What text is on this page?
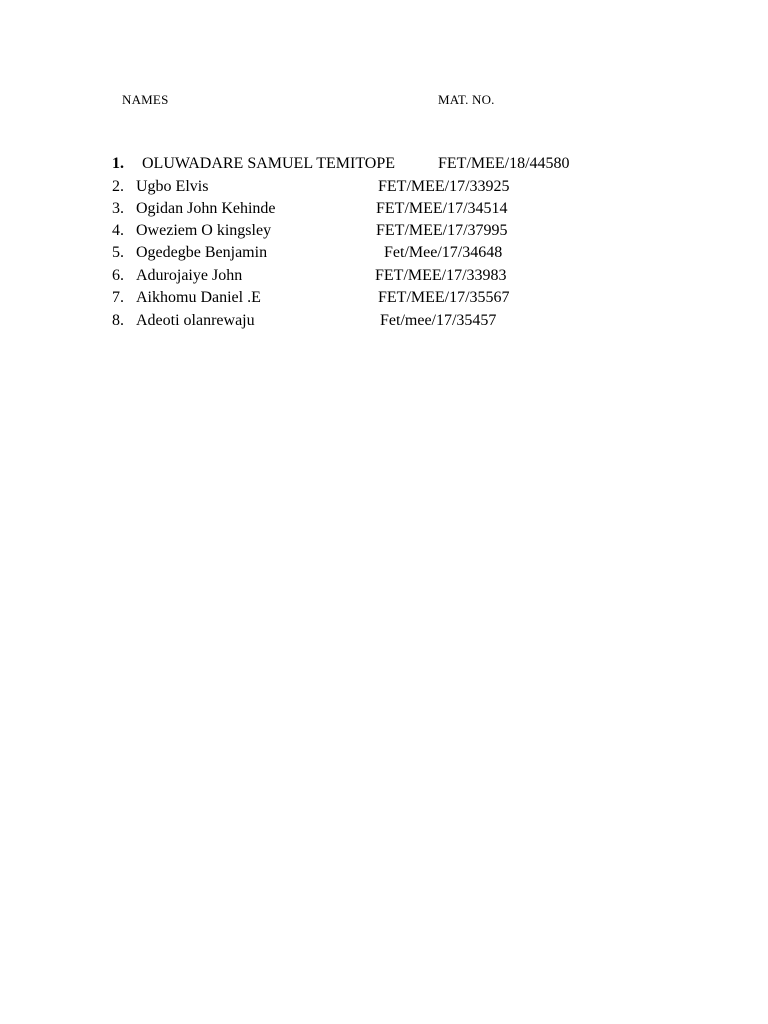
NAMES	MAT. NO.
1. OLUWADARE SAMUEL TEMITOPE	FET/MEE/18/44580
2. Ugbo Elvis	FET/MEE/17/33925
3. Ogidan John Kehinde	FET/MEE/17/34514
4. Oweziem O kingsley	FET/MEE/17/37995
5. Ogedegbe Benjamin	Fet/Mee/17/34648
6. Adurojaiye John	FET/MEE/17/33983
7. Aikhomu Daniel .E	FET/MEE/17/35567
8. Adeoti olanrewaju	Fet/mee/17/35457
